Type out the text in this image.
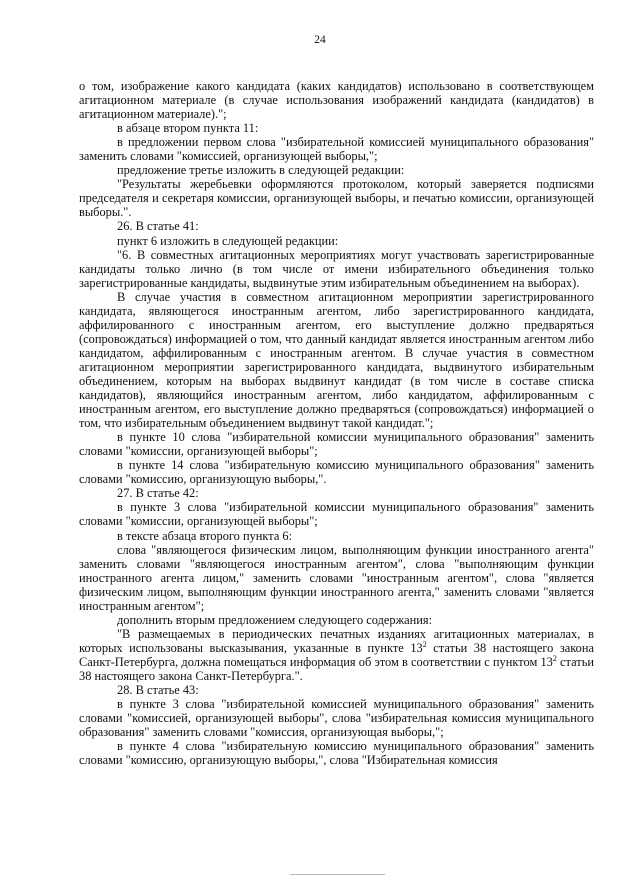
24

о том, изображение какого кандидата (каких кандидатов) использовано в соответствующем агитационном материале (в случае использования изображений кандидата (кандидатов) в агитационном материале).";

в абзаце втором пункта 11:

в предложении первом слова "избирательной комиссией муниципального образования" заменить словами "комиссией, организующей выборы,";

предложение третье изложить в следующей редакции:

"Результаты жеребьевки оформляются протоколом, который заверяется подписями председателя и секретаря комиссии, организующей выборы, и печатью комиссии, организующей выборы.".

26. В статье 41:

пункт 6 изложить в следующей редакции:

"6. В совместных агитационных мероприятиях могут участвовать зарегистрированные кандидаты только лично (в том числе от имени избирательного объединения только зарегистрированные кандидаты, выдвинутые этим избирательным объединением на выборах).

В случае участия в совместном агитационном мероприятии зарегистрированного кандидата, являющегося иностранным агентом, либо зарегистрированного кандидата, аффилированного с иностранным агентом, его выступление должно предваряться (сопровождаться) информацией о том, что данный кандидат является иностранным агентом либо кандидатом, аффилированным с иностранным агентом. В случае участия в совместном агитационном мероприятии зарегистрированного кандидата, выдвинутого избирательным объединением, которым на выборах выдвинут кандидат (в том числе в составе списка кандидатов), являющийся иностранным агентом, либо кандидатом, аффилированным с иностранным агентом, его выступление должно предваряться (сопровождаться) информацией о том, что избирательным объединением выдвинут такой кандидат.";

в пункте 10 слова "избирательной комиссии муниципального образования" заменить словами "комиссии, организующей выборы";

в пункте 14 слова "избирательную комиссию муниципального образования" заменить словами "комиссию, организующую выборы,".

27. В статье 42:

в пункте 3 слова "избирательной комиссии муниципального образования" заменить словами "комиссии, организующей выборы";

в тексте абзаца второго пункта 6:

слова "являющегося физическим лицом, выполняющим функции иностранного агента" заменить словами "являющегося иностранным агентом", слова "выполняющим функции иностранного агента лицом," заменить словами "иностранным агентом", слова "является физическим лицом, выполняющим функции иностранного агента," заменить словами "является иностранным агентом";

дополнить вторым предложением следующего содержания:

"В размещаемых в периодических печатных изданиях агитационных материалах, в которых использованы высказывания, указанные в пункте $13^2$ статьи 38 настоящего закона Санкт-Петербурга, должна помещаться информация об этом в соответствии с пунктом $13^2$ статьи 38 настоящего закона Санкт-Петербурга.".

28. В статье 43:

в пункте 3 слова "избирательной комиссией муниципального образования" заменить словами "комиссией, организующей выборы", слова "избирательная комиссия муниципального образования" заменить словами "комиссия, организующая выборы,";

в пункте 4 слова "избирательную комиссию муниципального образования" заменить словами "комиссию, организующую выборы,", слова "Избирательная комиссия
